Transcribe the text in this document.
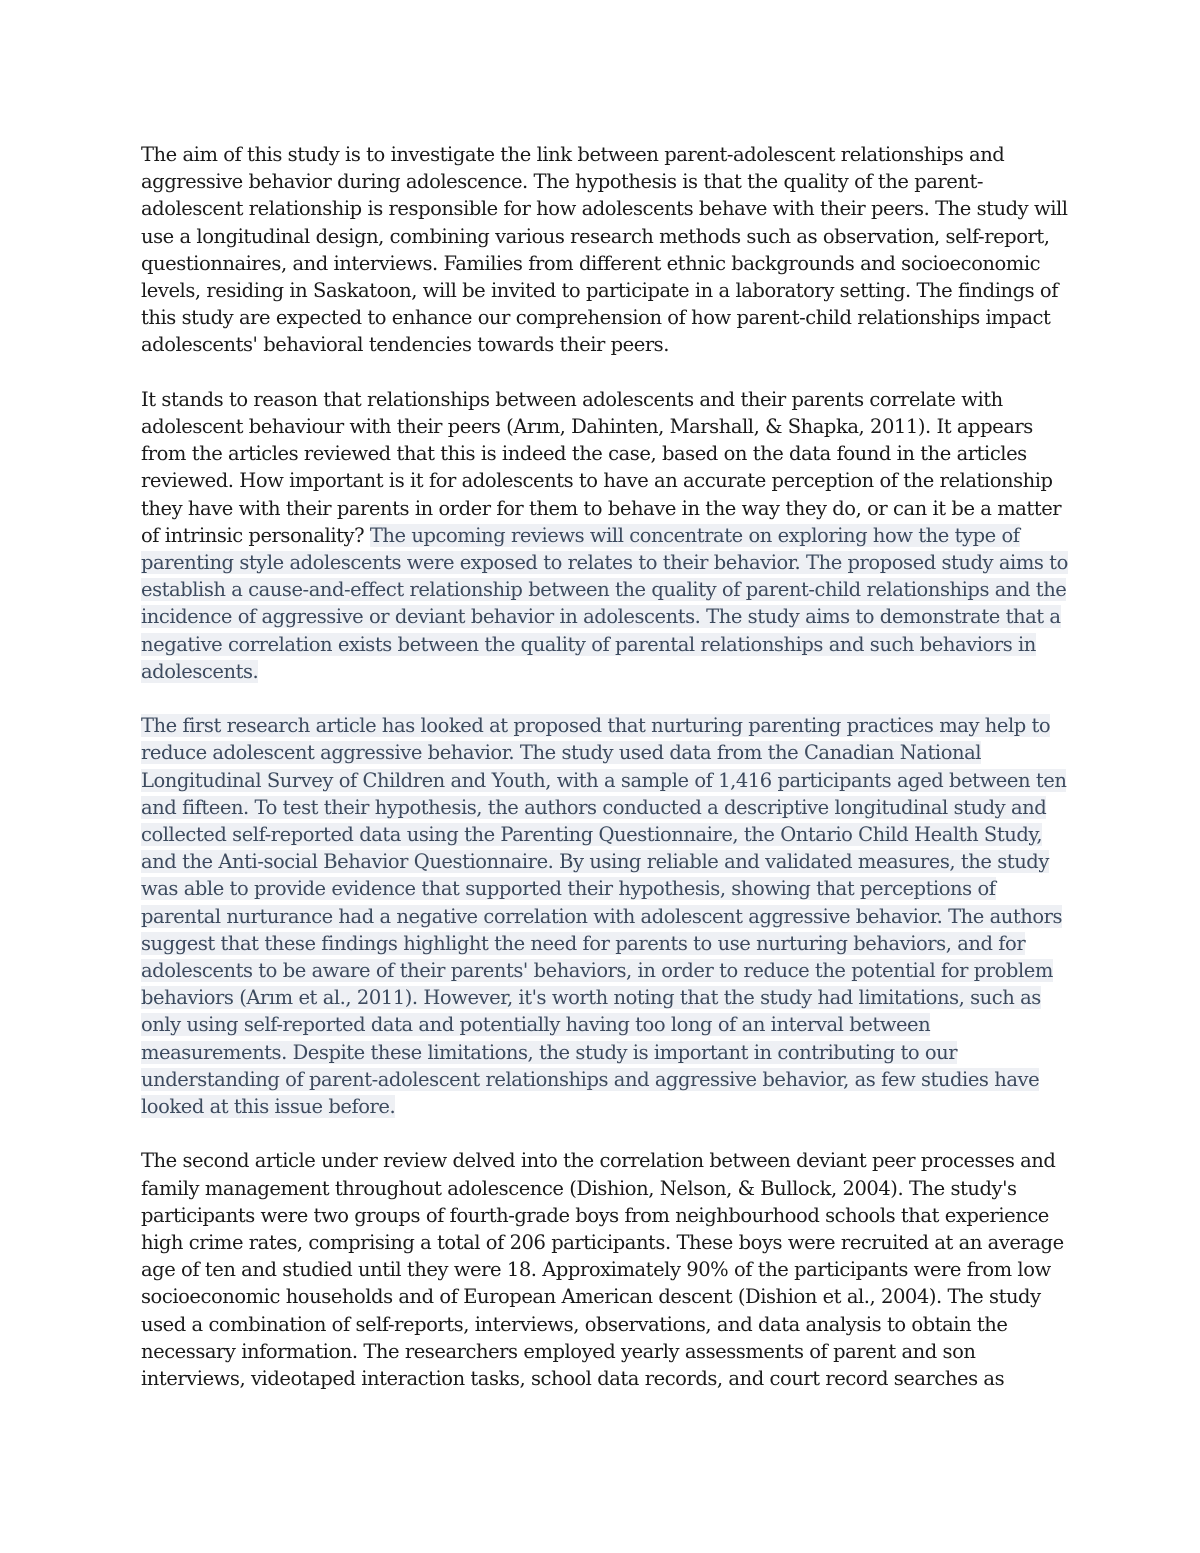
The aim of this study is to investigate the link between parent-adolescent relationships and aggressive behavior during adolescence. The hypothesis is that the quality of the parent-adolescent relationship is responsible for how adolescents behave with their peers. The study will use a longitudinal design, combining various research methods such as observation, self-report, questionnaires, and interviews. Families from different ethnic backgrounds and socioeconomic levels, residing in Saskatoon, will be invited to participate in a laboratory setting. The findings of this study are expected to enhance our comprehension of how parent-child relationships impact adolescents' behavioral tendencies towards their peers.

It stands to reason that relationships between adolescents and their parents correlate with adolescent behaviour with their peers (Arım, Dahinten, Marshall, & Shapka, 2011). It appears from the articles reviewed that this is indeed the case, based on the data found in the articles reviewed. How important is it for adolescents to have an accurate perception of the relationship they have with their parents in order for them to behave in the way they do, or can it be a matter of intrinsic personality? The upcoming reviews will concentrate on exploring how the type of parenting style adolescents were exposed to relates to their behavior. The proposed study aims to establish a cause-and-effect relationship between the quality of parent-child relationships and the incidence of aggressive or deviant behavior in adolescents. The study aims to demonstrate that a negative correlation exists between the quality of parental relationships and such behaviors in adolescents.

The first research article has looked at proposed that nurturing parenting practices may help to reduce adolescent aggressive behavior. The study used data from the Canadian National Longitudinal Survey of Children and Youth, with a sample of 1,416 participants aged between ten and fifteen. To test their hypothesis, the authors conducted a descriptive longitudinal study and collected self-reported data using the Parenting Questionnaire, the Ontario Child Health Study, and the Anti-social Behavior Questionnaire. By using reliable and validated measures, the study was able to provide evidence that supported their hypothesis, showing that perceptions of parental nurturance had a negative correlation with adolescent aggressive behavior. The authors suggest that these findings highlight the need for parents to use nurturing behaviors, and for adolescents to be aware of their parents' behaviors, in order to reduce the potential for problem behaviors (Arım et al., 2011). However, it's worth noting that the study had limitations, such as only using self-reported data and potentially having too long of an interval between measurements. Despite these limitations, the study is important in contributing to our understanding of parent-adolescent relationships and aggressive behavior, as few studies have looked at this issue before.

The second article under review delved into the correlation between deviant peer processes and family management throughout adolescence (Dishion, Nelson, & Bullock, 2004). The study's participants were two groups of fourth-grade boys from neighbourhood schools that experience high crime rates, comprising a total of 206 participants. These boys were recruited at an average age of ten and studied until they were 18. Approximately 90% of the participants were from low socioeconomic households and of European American descent (Dishion et al., 2004). The study used a combination of self-reports, interviews, observations, and data analysis to obtain the necessary information. The researchers employed yearly assessments of parent and son interviews, videotaped interaction tasks, school data records, and court record searches as
